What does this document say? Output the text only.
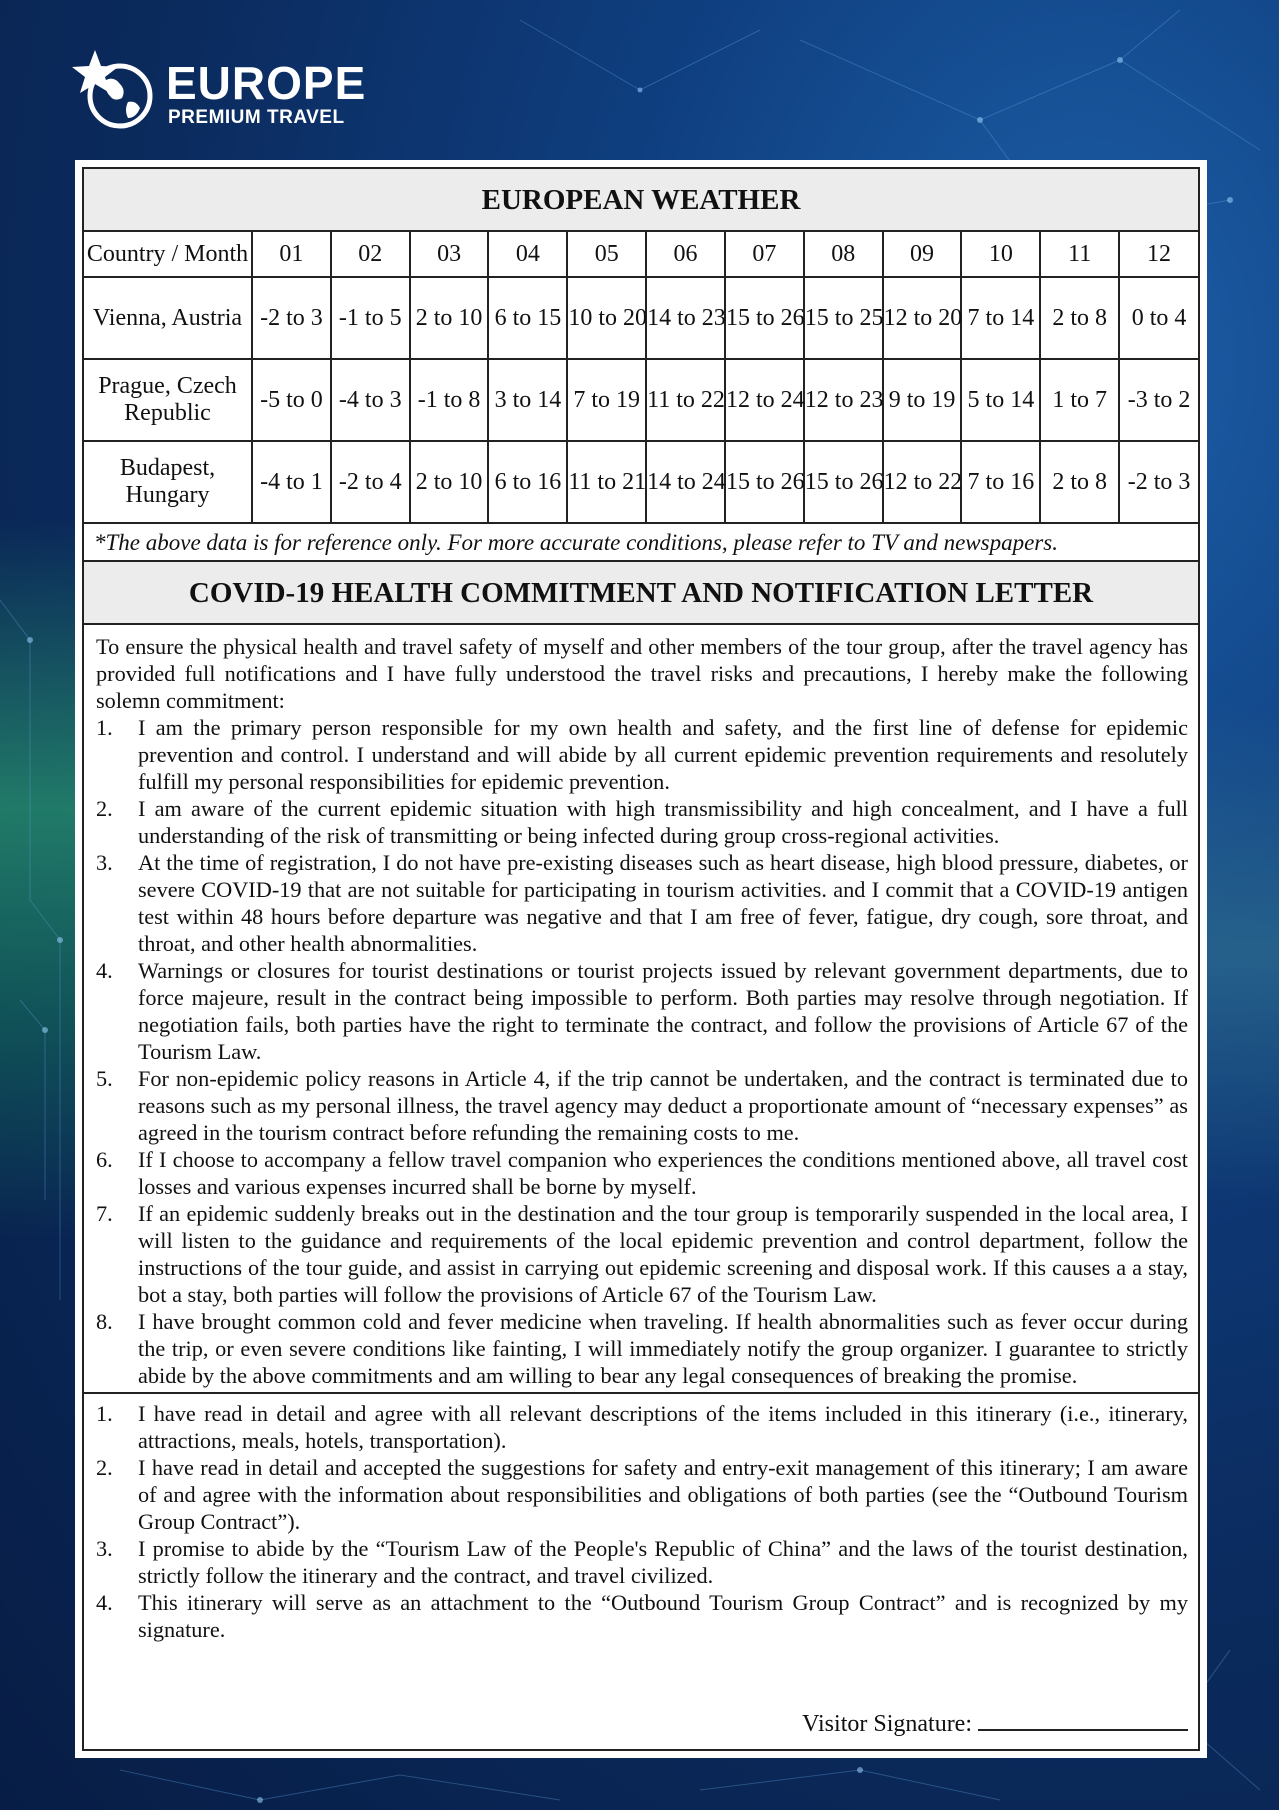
EUROPE
PREMIUM TRAVEL
EUROPEAN WEATHER
Country / Month	01	02	03	04	05	06	07	08	09	10	11	12
Vienna, Austria	-2 to 3	-1 to 5	2 to 10	6 to 15	10 to 20	14 to 23	15 to 26	15 to 25	12 to 20	7 to 14	2 to 8	0 to 4
Prague, Czech Republic	-5 to 0	-4 to 3	-1 to 8	3 to 14	7 to 19	11 to 22	12 to 24	12 to 23	9 to 19	5 to 14	1 to 7	-3 to 2
Budapest, Hungary	-4 to 1	-2 to 4	2 to 10	6 to 16	11 to 21	14 to 24	15 to 26	15 to 26	12 to 22	7 to 16	2 to 8	-2 to 3
*The above data is for reference only. For more accurate conditions, please refer to TV and newspapers.
COVID-19 HEALTH COMMITMENT AND NOTIFICATION LETTER

To ensure the physical health and travel safety of myself and other members of the tour group, after the travel agency has provided full notifications and I have fully understood the travel risks and precautions, I hereby make the following solemn commitment:

1. I am the primary person responsible for my own health and safety, and the first line of defense for epidemic prevention and control. I understand and will abide by all current epidemic prevention requirements and resolutely fulfill my personal responsibilities for epidemic prevention.
2. I am aware of the current epidemic situation with high transmissibility and high concealment, and I have a full understanding of the risk of transmitting or being infected during group cross-regional activities.
3. At the time of registration, I do not have pre-existing diseases such as heart disease, high blood pressure, diabetes, or severe COVID-19 that are not suitable for participating in tourism activities. and I commit that a COVID-19 antigen test within 48 hours before departure was negative and that I am free of fever, fatigue, dry cough, sore throat, and throat, and other health abnormalities.
4. Warnings or closures for tourist destinations or tourist projects issued by relevant government departments, due to force majeure, result in the contract being impossible to perform. Both parties may resolve through negotiation. If negotiation fails, both parties have the right to terminate the contract, and follow the provisions of Article 67 of the Tourism Law.
5. For non-epidemic policy reasons in Article 4, if the trip cannot be undertaken, and the contract is terminated due to reasons such as my personal illness, the travel agency may deduct a proportionate amount of “necessary expenses” as agreed in the tourism contract before refunding the remaining costs to me.
6. If I choose to accompany a fellow travel companion who experiences the conditions mentioned above, all travel cost losses and various expenses incurred shall be borne by myself.
7. If an epidemic suddenly breaks out in the destination and the tour group is temporarily suspended in the local area, I will listen to the guidance and requirements of the local epidemic prevention and control department, follow the instructions of the tour guide, and assist in carrying out epidemic screening and disposal work. If this causes a a stay, bot a stay, both parties will follow the provisions of Article 67 of the Tourism Law.
8. I have brought common cold and fever medicine when traveling. If health abnormalities such as fever occur during the trip, or even severe conditions like fainting, I will immediately notify the group organizer. I guarantee to strictly abide by the above commitments and am willing to bear any legal consequences of breaking the promise.
1. I have read in detail and agree with all relevant descriptions of the items included in this itinerary (i.e., itinerary, attractions, meals, hotels, transportation).
2. I have read in detail and accepted the suggestions for safety and entry-exit management of this itinerary; I am aware of and agree with the information about responsibilities and obligations of both parties (see the “Outbound Tourism Group Contract”).
3. I promise to abide by the “Tourism Law of the People's Republic of China” and the laws of the tourist destination, strictly follow the itinerary and the contract, and travel civilized.
4. This itinerary will serve as an attachment to the “Outbound Tourism Group Contract” and is recognized by my signature.
Visitor Signature:
